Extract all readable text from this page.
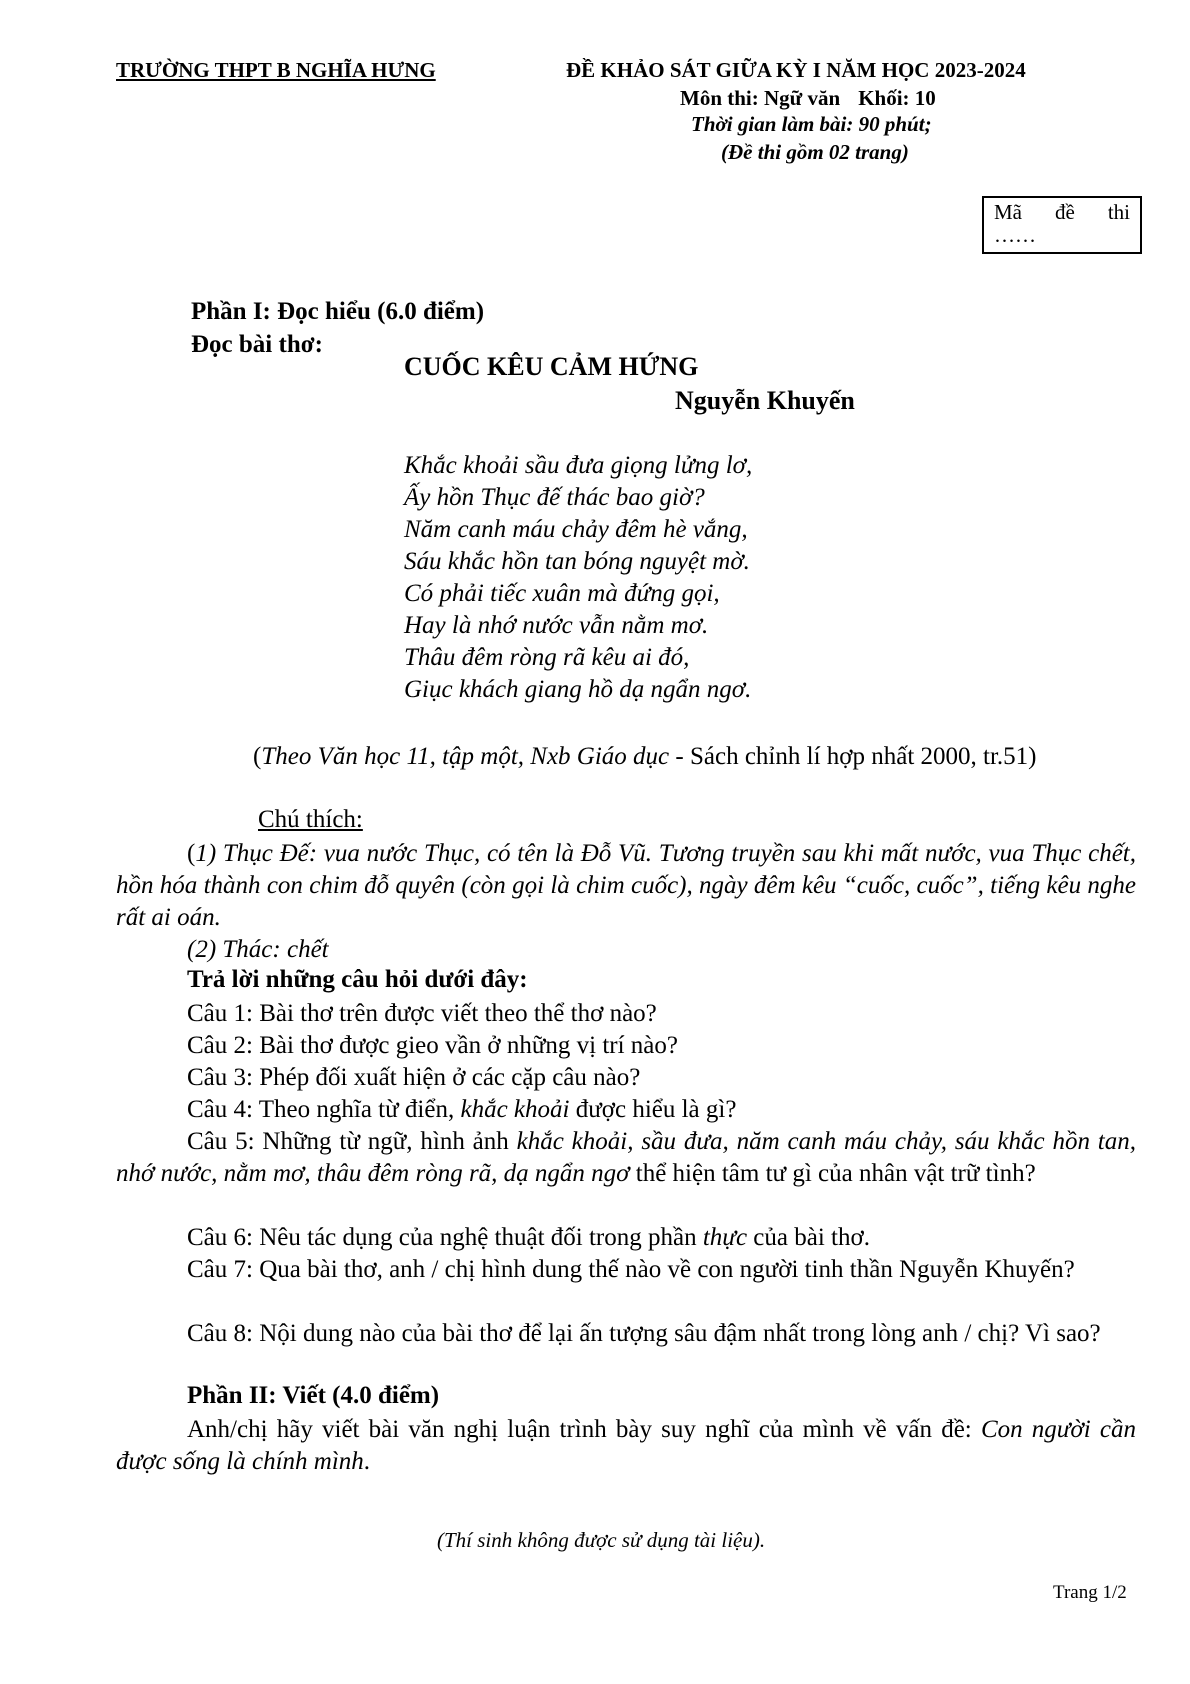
TRƯỜNG THPT B NGHĨA HƯNG	ĐỀ KHẢO SÁT GIỮA KỲ I NĂM HỌC 2023-2024
Môn thi: Ngữ văn Khối: 10
Thời gian làm bài: 90 phút;
(Đề thi gồm 02 trang)
Mã đề thi
……
Phần I: Đọc hiểu (6.0 điểm)
Đọc bài thơ:
CUỐC KÊU CẢM HỨNG
Nguyễn Khuyến
Khắc khoải sầu đưa giọng lửng lơ,
Ấy hồn Thục đế thác bao giờ?
Năm canh máu chảy đêm hè vắng,
Sáu khắc hồn tan bóng nguyệt mờ.
Có phải tiếc xuân mà đứng gọi,
Hay là nhớ nước vẫn nằm mơ.
Thâu đêm ròng rã kêu ai đó,
Giục khách giang hồ dạ ngẩn ngơ.
(Theo Văn học 11, tập một, Nxb Giáo dục - Sách chỉnh lí hợp nhất 2000, tr.51)
Chú thích:
(1) Thục Đế: vua nước Thục, có tên là Đỗ Vũ. Tương truyền sau khi mất nước, vua Thục chết, hồn hóa thành con chim đỗ quyên (còn gọi là chim cuốc), ngày đêm kêu “cuốc, cuốc”, tiếng kêu nghe rất ai oán.
(2) Thác: chết
Trả lời những câu hỏi dưới đây:
Câu 1: Bài thơ trên được viết theo thể thơ nào?
Câu 2: Bài thơ được gieo vần ở những vị trí nào?
Câu 3: Phép đối xuất hiện ở các cặp câu nào?
Câu 4: Theo nghĩa từ điển, khắc khoải được hiểu là gì?
Câu 5: Những từ ngữ, hình ảnh khắc khoải, sầu đưa, năm canh máu chảy, sáu khắc hồn tan, nhớ nước, nằm mơ, thâu đêm ròng rã, dạ ngẩn ngơ thể hiện tâm tư gì của nhân vật trữ tình?
Câu 6: Nêu tác dụng của nghệ thuật đối trong phần thực của bài thơ.
Câu 7: Qua bài thơ, anh / chị hình dung thế nào về con người tinh thần Nguyễn Khuyến?
Câu 8: Nội dung nào của bài thơ để lại ấn tượng sâu đậm nhất trong lòng anh / chị? Vì sao?
Phần II: Viết (4.0 điểm)
Anh/chị hãy viết bài văn nghị luận trình bày suy nghĩ của mình về vấn đề: Con người cần được sống là chính mình.
(Thí sinh không được sử dụng tài liệu).
Trang 1/2
